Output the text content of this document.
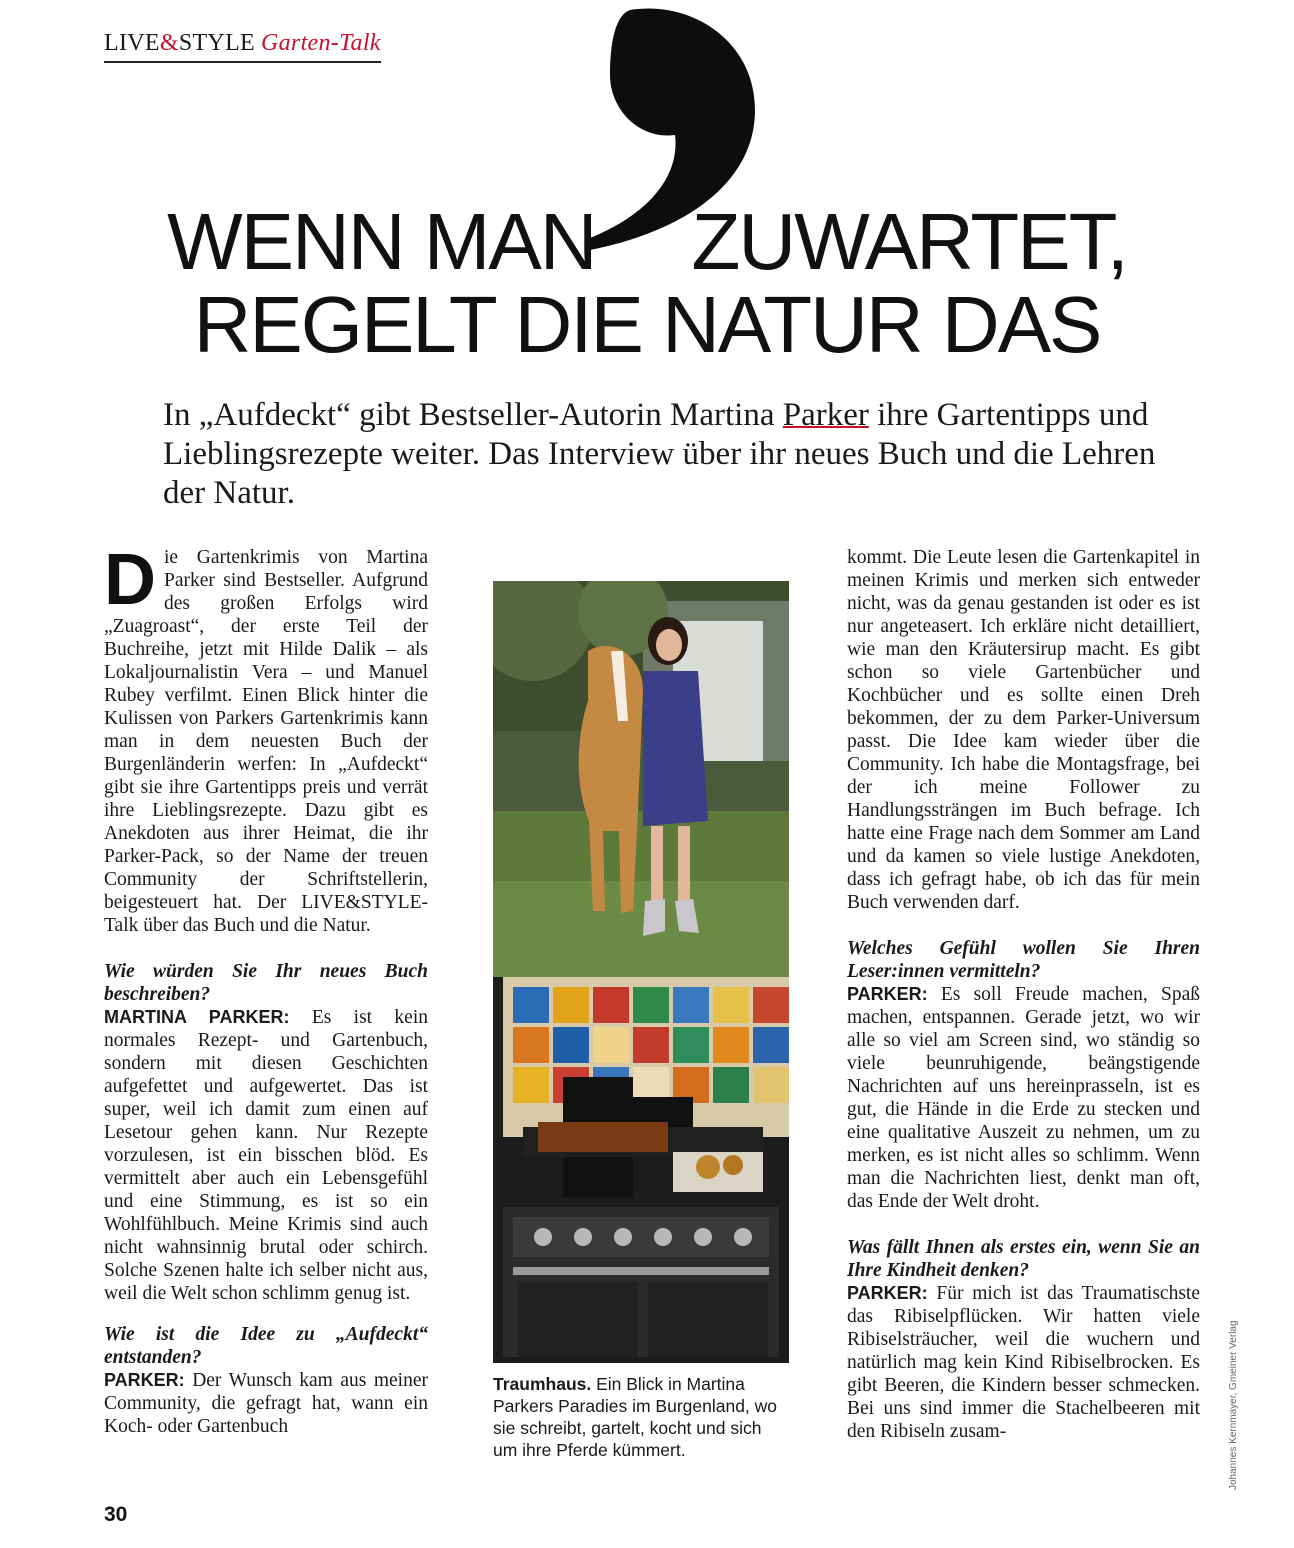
LIVE&STYLE Garten-Talk
WENN MAN ZUWARTET,
REGELT DIE NATUR DAS

In „Aufdeckt“ gibt Bestseller-Autorin Martina Parker ihre Gartentipps und Lieblingsrezepte weiter. Das Interview über ihr neues Buch und die Lehren der Natur.

Die Gartenkrimis von Martina Parker sind Bestseller. Aufgrund des großen Erfolgs wird „Zuagroast“, der erste Teil der Buchreihe, jetzt mit Hilde Dalik – als Lokaljournalistin Vera – und Manuel Rubey verfilmt. Einen Blick hinter die Kulissen von Parkers Gartenkrimis kann man in dem neuesten Buch der Burgenländerin werfen: In „Aufdeckt“ gibt sie ihre Gartentipps preis und verrät ihre Lieblingsrezepte. Dazu gibt es Anekdoten aus ihrer Heimat, die ihr Parker-Pack, so der Name der treuen Community der Schriftstellerin, beigesteuert hat. Der LIVE&STYLE-Talk über das Buch und die Natur.

Wie würden Sie Ihr neues Buch beschreiben?

MARTINA PARKER: Es ist kein normales Rezept- und Gartenbuch, sondern mit diesen Geschichten aufgefettet und aufgewertet. Das ist super, weil ich damit zum einen auf Lesetour gehen kann. Nur Rezepte vorzulesen, ist ein bisschen blöd. Es vermittelt aber auch ein Lebensgefühl und eine Stimmung, es ist so ein Wohlfühlbuch. Meine Krimis sind auch nicht wahnsinnig brutal oder schirch. Solche Szenen halte ich selber nicht aus, weil die Welt schon schlimm genug ist.

Wie ist die Idee zu „Aufdeckt“ entstanden?

PARKER: Der Wunsch kam aus meiner Community, die gefragt hat, wann ein Koch- oder Gartenbuch

Traumhaus. Ein Blick in Martina Parkers Paradies im Burgenland, wo sie schreibt, gartelt, kocht und sich um ihre Pferde kümmert.

kommt. Die Leute lesen die Gartenkapitel in meinen Krimis und merken sich entweder nicht, was da genau gestanden ist oder es ist nur angeteasert. Ich erkläre nicht detailliert, wie man den Kräutersirup macht. Es gibt schon so viele Gartenbücher und Kochbücher und es sollte einen Dreh bekommen, der zu dem Parker-Universum passt. Die Idee kam wieder über die Community. Ich habe die Montagsfrage, bei der ich meine Follower zu Handlungssträngen im Buch befrage. Ich hatte eine Frage nach dem Sommer am Land und da kamen so viele lustige Anekdoten, dass ich gefragt habe, ob ich das für mein Buch verwenden darf.

Welches Gefühl wollen Sie Ihren Leser:innen vermitteln?

PARKER: Es soll Freude machen, Spaß machen, entspannen. Gerade jetzt, wo wir alle so viel am Screen sind, wo ständig so viele beunruhigende, beängstigende Nachrichten auf uns hereinprasseln, ist es gut, die Hände in die Erde zu stecken und eine qualitative Auszeit zu nehmen, um zu merken, es ist nicht alles so schlimm. Wenn man die Nachrichten liest, denkt man oft, das Ende der Welt droht.

Was fällt Ihnen als erstes ein, wenn Sie an Ihre Kindheit denken?

PARKER: Für mich ist das Traumatischste das Ribiselpflücken. Wir hatten viele Ribiselsträucher, weil die wuchern und natürlich mag kein Kind Ribiselbrocken. Es gibt Beeren, die Kindern besser schmecken. Bei uns sind immer die Stachelbeeren mit den Ribiseln zusam-	Johannes Kernmayer, Gmeiner Verlag
30
